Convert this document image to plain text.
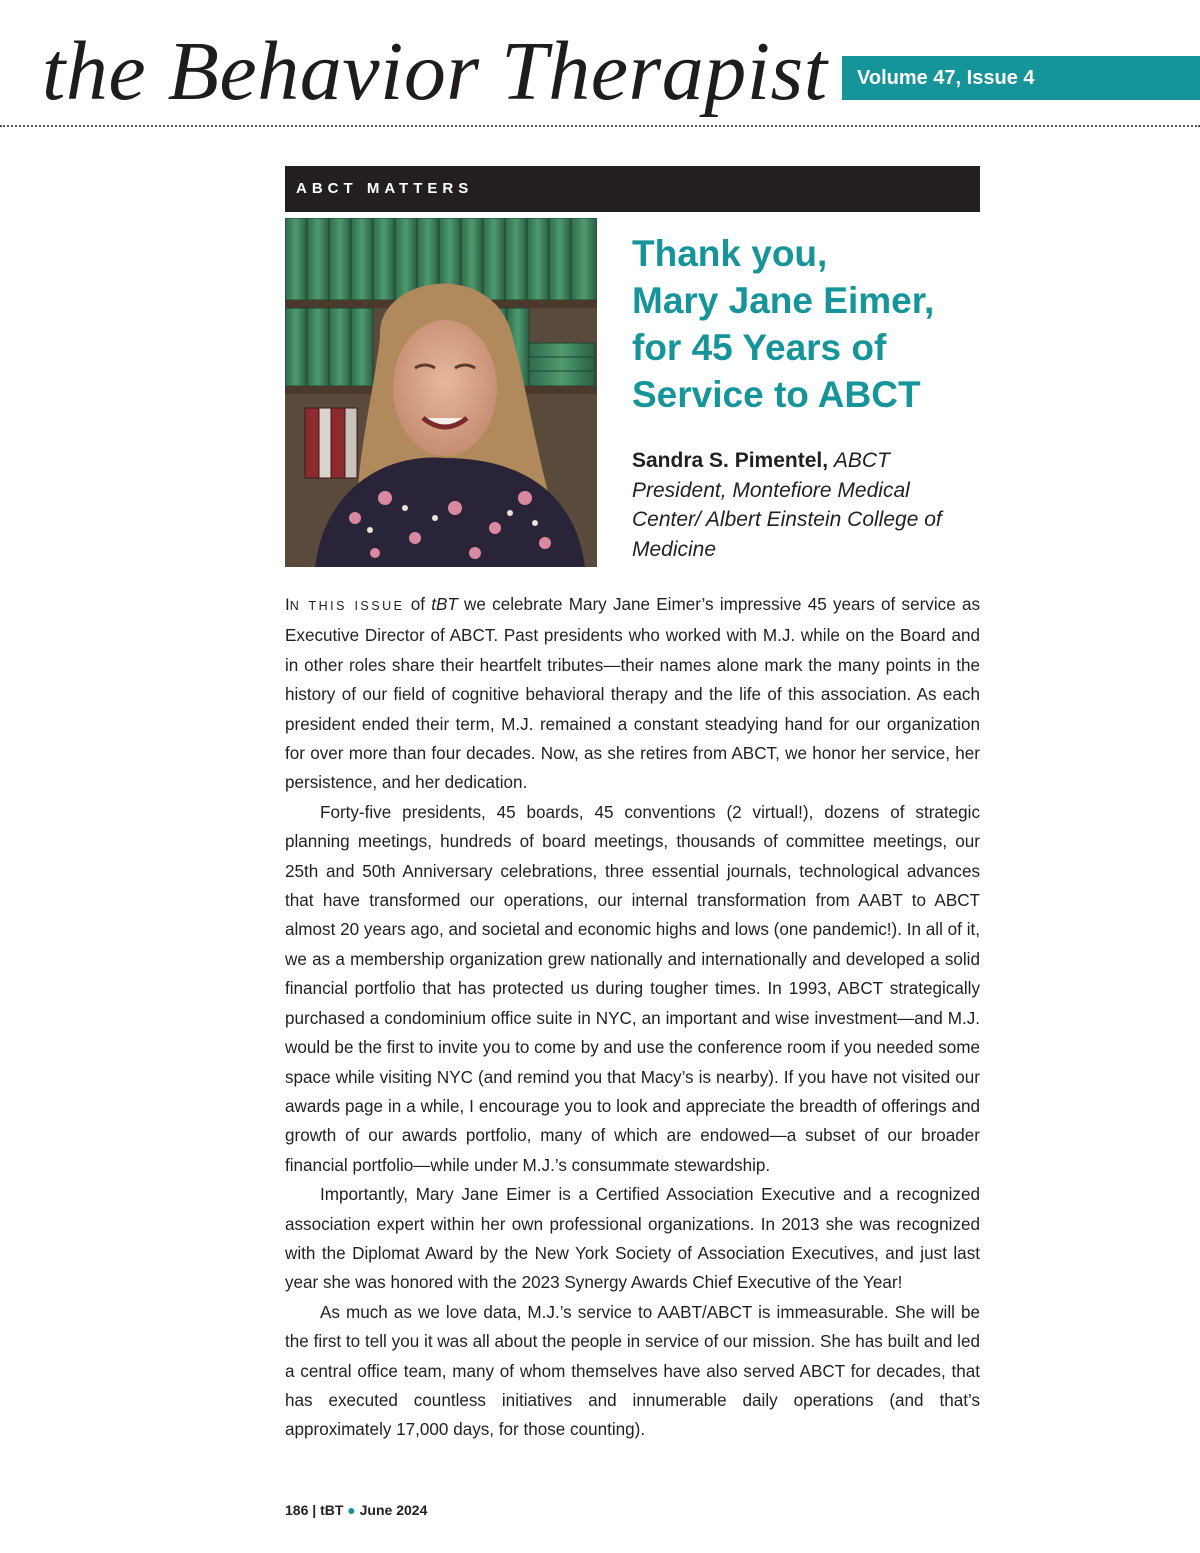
the Behavior Therapist	Volume 47, Issue 4
ABCT MATTERS
Thank you,
Mary Jane Eimer,
for 45 Years of
Service to ABCT
Sandra S. Pimentel, ABCT President, Montefiore Medical Center/ Albert Einstein College of Medicine

IN THIS ISSUE of tBT we celebrate Mary Jane Eimer’s impressive 45 years of service as Executive Director of ABCT. Past presidents who worked with M.J. while on the Board and in other roles share their heartfelt tributes—their names alone mark the many points in the history of our field of cognitive behavioral therapy and the life of this association. As each president ended their term, M.J. remained a constant steadying hand for our organization for over more than four decades. Now, as she retires from ABCT, we honor her service, her persistence, and her dedication.

Forty-five presidents, 45 boards, 45 conventions (2 virtual!), dozens of strategic planning meetings, hundreds of board meetings, thousands of committee meetings, our 25th and 50th Anniversary celebrations, three essential journals, technological advances that have transformed our operations, our internal transformation from AABT to ABCT almost 20 years ago, and societal and economic highs and lows (one pandemic!). In all of it, we as a membership organization grew nationally and internationally and developed a solid financial portfolio that has protected us during tougher times. In 1993, ABCT strategically purchased a condominium office suite in NYC, an important and wise investment—and M.J. would be the first to invite you to come by and use the conference room if you needed some space while visiting NYC (and remind you that Macy’s is nearby). If you have not visited our awards page in a while, I encourage you to look and appreciate the breadth of offerings and growth of our awards portfolio, many of which are endowed—a subset of our broader financial portfolio—while under M.J.’s consummate stewardship.

Importantly, Mary Jane Eimer is a Certified Association Executive and a recognized association expert within her own professional organizations. In 2013 she was recognized with the Diplomat Award by the New York Society of Association Executives, and just last year she was honored with the 2023 Synergy Awards Chief Executive of the Year!

As much as we love data, M.J.’s service to AABT/ABCT is immeasurable. She will be the first to tell you it was all about the people in service of our mission. She has built and led a central office team, many of whom themselves have also served ABCT for decades, that has executed countless initiatives and innumerable daily operations (and that’s approximately 17,000 days, for those counting).

186 | tBT ● June 2024
